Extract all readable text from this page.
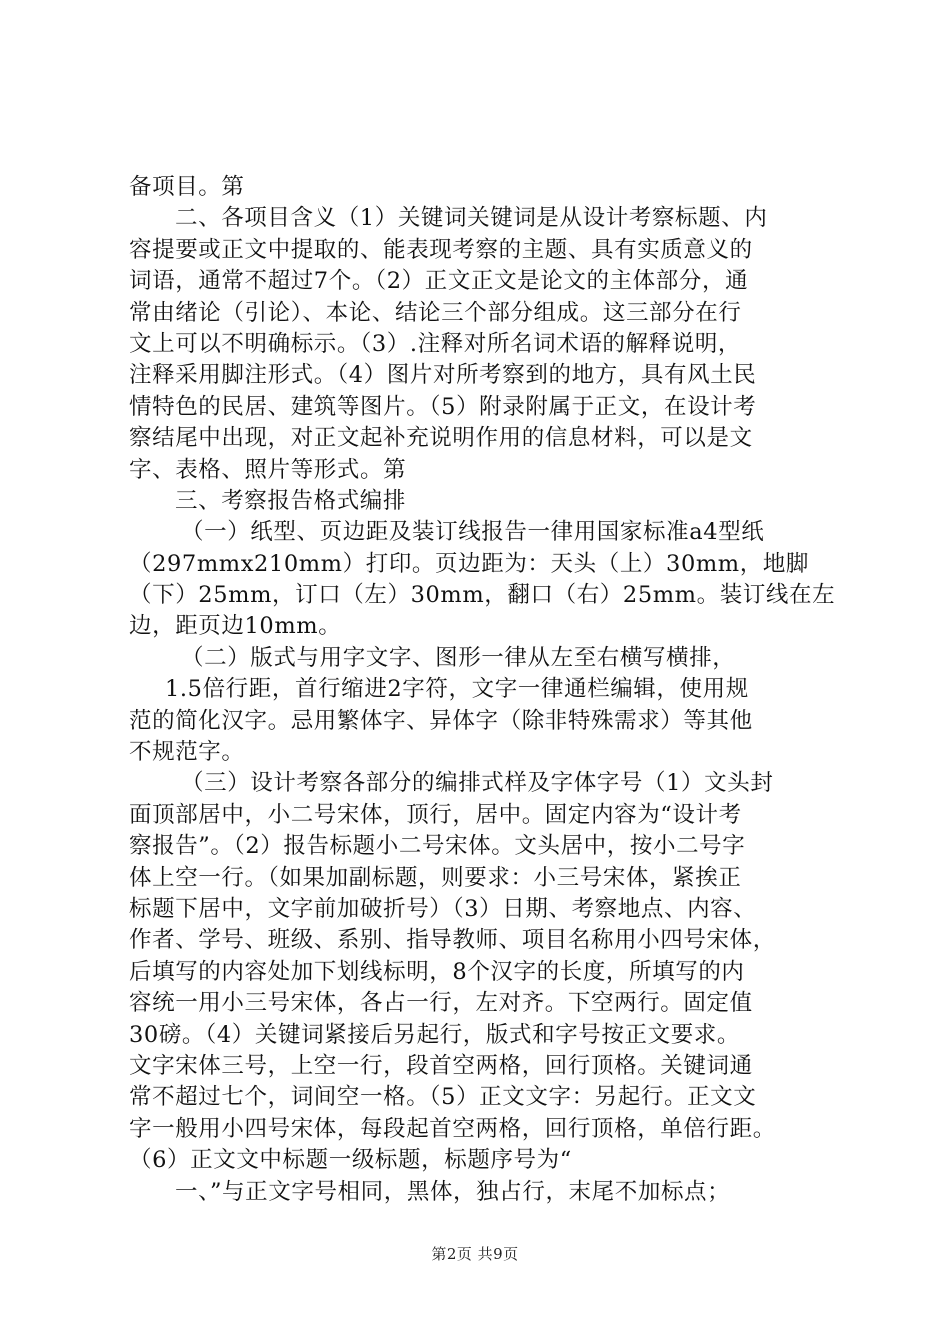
备项目。第
二、各项目含义（1）关键词关键词是从设计考察标题、内
容提要或正文中提取的、能表现考察的主题、具有实质意义的
词语，通常不超过7个。（2）正文正文是论文的主体部分，通
常由绪论（引论）、本论、结论三个部分组成。这三部分在行
文上可以不明确标示。（3）.注释对所名词术语的解释说明，
注释采用脚注形式。（4）图片对所考察到的地方，具有风土民
情特色的民居、建筑等图片。（5）附录附属于正文，在设计考
察结尾中出现，对正文起补充说明作用的信息材料，可以是文
字、表格、照片等形式。第
三、考察报告格式编排
（一）纸型、页边距及装订线报告一律用国家标准a4型纸
（297mmx210mm）打印。页边距为：天头（上）30mm，地脚
（下）25mm，订口（左）30mm，翻口（右）25mm。装订线在左
边，距页边10mm。
（二）版式与用字文字、图形一律从左至右横写横排，
1.5倍行距，首行缩进2字符，文字一律通栏编辑，使用规
范的简化汉字。忌用繁体字、异体字（除非特殊需求）等其他
不规范字。
（三）设计考察各部分的编排式样及字体字号（1）文头封
面顶部居中，小二号宋体，顶行，居中。固定内容为“设计考
察报告”。（2）报告标题小二号宋体。文头居中，按小二号字
体上空一行。（如果加副标题，则要求：小三号宋体，紧挨正
标题下居中，文字前加破折号）（3）日期、考察地点、内容、
作者、学号、班级、系别、指导教师、项目名称用小四号宋体，
后填写的内容处加下划线标明，8个汉字的长度，所填写的内
容统一用小三号宋体，各占一行，左对齐。下空两行。固定值
30磅。（4）关键词紧接后另起行，版式和字号按正文要求。
文字宋体三号，上空一行，段首空两格，回行顶格。关键词通
常不超过七个，词间空一格。（5）正文文字：另起行。正文文
字一般用小四号宋体，每段起首空两格，回行顶格，单倍行距。
（6）正文文中标题一级标题，标题序号为“
一、”与正文字号相同，黑体，独占行，末尾不加标点；
第2页 共9页
